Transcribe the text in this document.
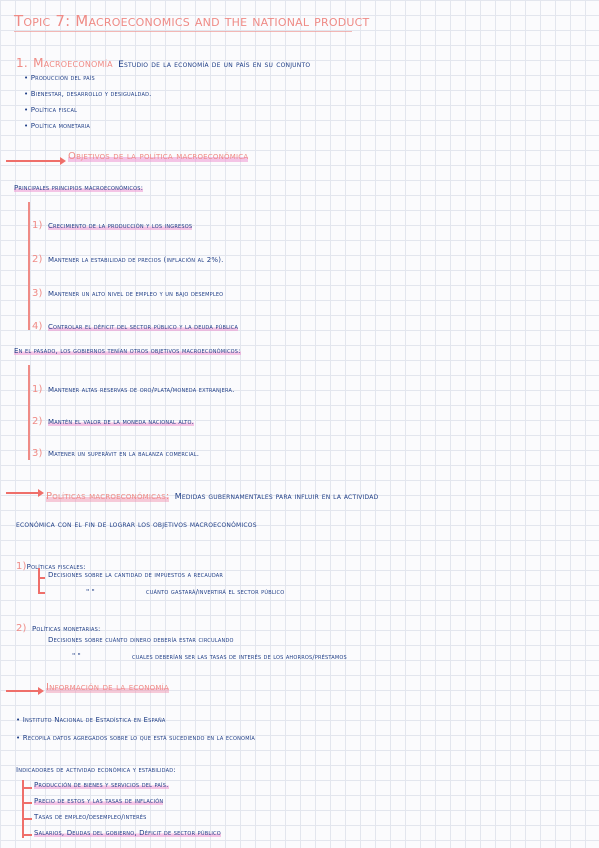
Topic 7: Macroeconomics and the national product
1. Macroeconomía Estudio de la economía de un país en su conjunto
• Producción del país
• Bienestar, desarrollo y desigualdad.
• Política fiscal
• Política monetaria
Objetivos de la política macroeconómica
Principales principios macroeconómicos:
1) Crecimiento de la producción y los ingresos
2) Mantener la estabilidad de precios (inflación al 2%).
3) Mantener un alto nivel de empleo y un bajo desempleo
4) Controlar el déficit del sector público y la deuda pública
En el pasado, los gobiernos tenían otros objetivos macroeconómicos:
1) Mantener altas reservas de oro/plata/moneda extranjera.
2) Mantén el valor de la moneda nacional alto.
3) Matener un superávit en la balanza comercial.
Políticas macroeconómicas: Medidas gubernamentales para influir en la actividad
económica con el fin de lograr los objetivos macroeconómicos
1)Políticas fiscales:
Decisiones sobre la cantidad de impuestos a recaudar
" "	cuánto gastará/invertirá el sector público
2) Políticas monetarias:
Decisiones sobre cuánto dinero debería estar circulando
" "	cuales deberían ser las tasas de interés de los ahorros/préstamos
Información de la economía
• Instituto Nacional de Estadística en España
• Recopila datos agregados sobre lo que está sucediendo en la economía
Indicadores de actividad económica y estabilidad:
Producción de bienes y servicios del país.
Precio de estos y las tasas de inflación
Tasas de empleo/desempleo/interés
Salarios, Deudas del gobierno, Déficit de sector público
